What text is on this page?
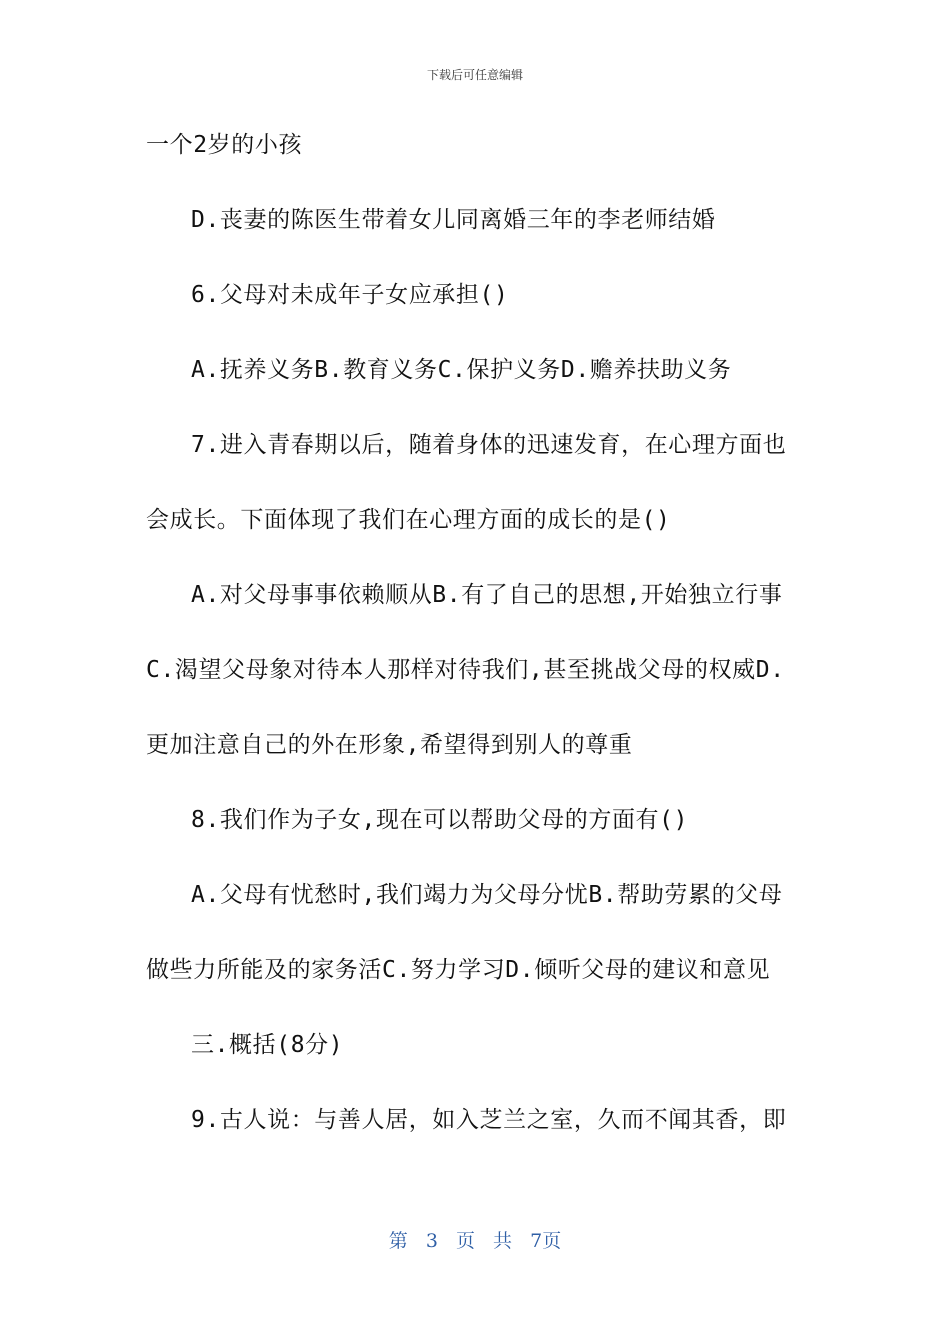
下载后可任意编辑
一个2岁的小孩
D.丧妻的陈医生带着女儿同离婚三年的李老师结婚
6.父母对未成年子女应承担()
A.抚养义务B.教育义务C.保护义务D.赡养扶助义务
7.进入青春期以后，随着身体的迅速发育，在心理方面也
会成长。下面体现了我们在心理方面的成长的是()
A.对父母事事依赖顺从B.有了自己的思想,开始独立行事
C.渴望父母象对待本人那样对待我们,甚至挑战父母的权威D.
更加注意自己的外在形象,希望得到别人的尊重
8.我们作为子女,现在可以帮助父母的方面有()
A.父母有忧愁时,我们竭力为父母分忧B.帮助劳累的父母
做些力所能及的家务活C.努力学习D.倾听父母的建议和意见
三.概括(8分)
9.古人说：与善人居，如入芝兰之室，久而不闻其香，即
第 3 页 共 7页
